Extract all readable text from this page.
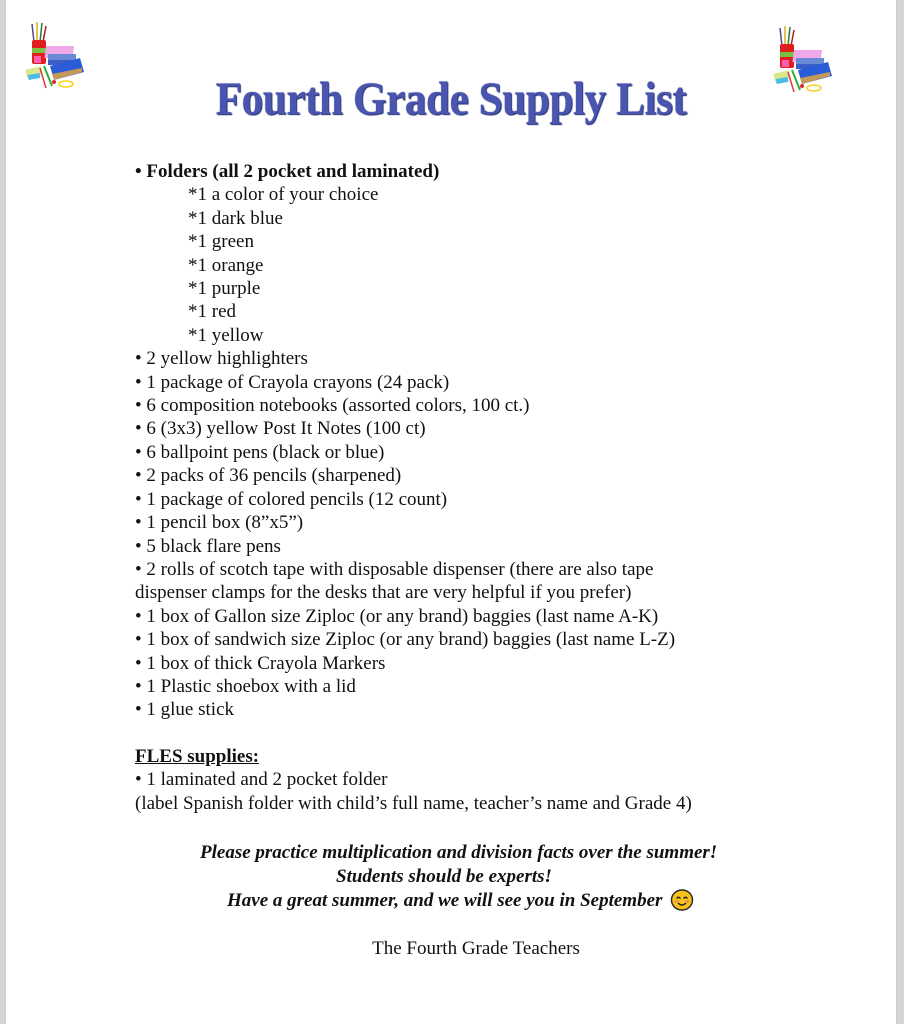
Fourth Grade Supply List
• Folders (all 2 pocket and laminated)
*1 a color of your choice
*1 dark blue
*1 green
*1 orange
*1 purple
*1 red
*1 yellow
• 2 yellow highlighters
• 1 package of Crayola crayons (24 pack)
• 6 composition notebooks (assorted colors, 100 ct.)
• 6 (3x3) yellow Post It Notes (100 ct)
• 6 ballpoint pens (black or blue)
• 2 packs of 36 pencils (sharpened)
• 1 package of colored pencils (12 count)
• 1 pencil box (8”x5”)
• 5 black flare pens
• 2 rolls of scotch tape with disposable dispenser (there are also tape
dispenser clamps for the desks that are very helpful if you prefer)
• 1 box of Gallon size Ziploc (or any brand) baggies (last name A-K)
• 1 box of sandwich size Ziploc (or any brand) baggies (last name L-Z)
• 1 box of thick Crayola Markers
• 1 Plastic shoebox with a lid
• 1 glue stick
FLES supplies:
• 1 laminated and 2 pocket folder
(label Spanish folder with child’s full name, teacher’s name and Grade 4)
Please practice multiplication and division facts over the summer!
Students should be experts!
Have a great summer, and we will see you in September
The Fourth Grade Teachers
